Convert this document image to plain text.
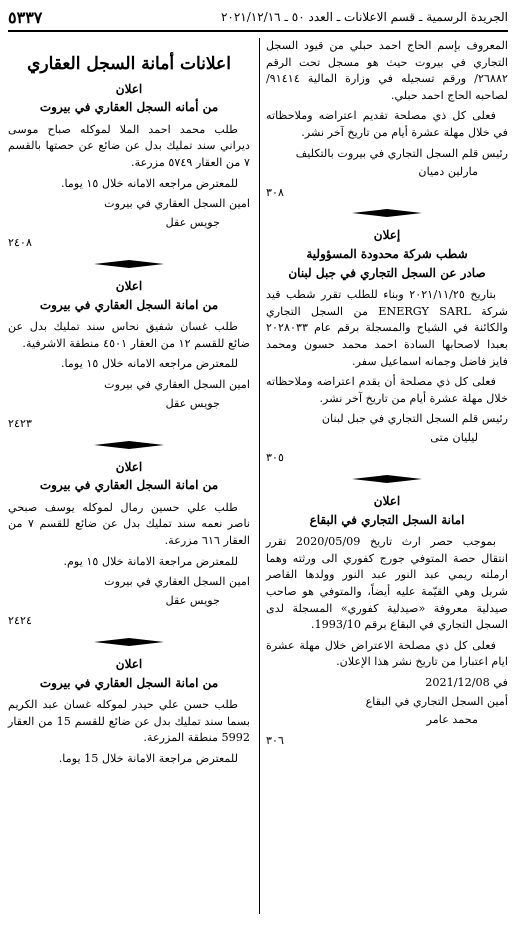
الجريدة الرسمية ـ قسم الاعلانات ـ العدد ٥٠ ـ ٢٠٢١/١٢/١٦
٥٣٣٧

المعروف بإسم الحاج احمد حبلي من قيود السجل التجاري في بيروت حيث هو مسجل تحت الرقم ٢٦٨٨٢/ ورقم تسجيله في وزارة المالية ٩١٤١٤/ لصاحبه الحاج احمد حبلي.

فعلى كل ذي مصلحة تقديم اعتراضه وملاحظاته في خلال مهلة عشرة أيام من تاريخ آخر نشر.

رئيس قلم السجل التجاري في بيروت بالتكليف

مارلين دميان

٣٠٨

إعلان

شطب شركة محدودة المسؤولية

صادر عن السجل التجاري في جبل لبنان

بتاريخ ٢٠٢١/١١/٢٥ وبناء للطلب تقرر شطب قيد شركة ENERGY SARL من السجل التجاري والكائنة في الشياح والمسجلة برقم عام ٢٠٢٨٠٣٣ بعبدا لاصحابها السادة احمد محمد حسون ومحمد فايز فاضل وجمانه اسماعيل سفر.

فعلى كل ذي مصلحة أن يقدم اعتراضه وملاحظاته خلال مهلة عشرة أيام من تاريخ آخر نشر.

رئيس قلم السجل التجاري في جبل لبنان

ليليان متى

٣٠٥

اعلان

امانة السجل التجاري في البقاع

بموجب حصر ارث تاريخ 2020/05/09 تقرر انتقال حصة المتوفي جورج كفوري الى ورثته وهما ارملته ريمي عبد النور عبد النور وولدها القاصر شربل وهي القيّمة عليه أيضاً، والمتوفي هو صاحب صيدلية معروفة «صيدلية كفوري» المسجلة لدى السجل التجاري في البقاع برقم 1993/10.

فعلى كل ذي مصلحة الاعتراض خلال مهلة عشرة ايام اعتبارا من تاريخ نشر هذا الإعلان.

في 2021/12/08

أمين السجل التجاري في البقاع

محمد عامر

٣٠٦

اعلانات أمانة السجل العقاري

اعلان

من أمانه السجل العقاري في بيروت

طلب محمد احمد الملا لموكله صباح موسى ديراني سند تمليك بدل عن ضائع عن حصتها بالقسم ٧ من العقار ٥٧٤٩ مزرعة.

للمعترض مراجعه الامانه خلال ١٥ يوما.

امين السجل العقاري في بيروت

جويس عقل

٢٤٠٨

اعلان

من امانة السجل العقاري في بيروت

طلب غسان شفيق نحاس سند تمليك بدل عن ضائع للقسم ١٢ من العقار ٤٥٠١ منطقة الاشرفية.

للمعترض مراجعه الامانه خلال ١٥ يوما.

امين السجل العقاري في بيروت

جويس عقل

٢٤٢٣

اعلان

من امانة السجل العقاري في بيروت

طلب علي حسين رمال لموكله يوسف صبحي ناصر نعمه سند تمليك بدل عن ضائع للقسم ٧ من العقار ٦١٦ مزرعة.

للمعترض مراجعة الامانة خلال ١٥ يوم.

امين السجل العقاري في بيروت

جويس عقل

٢٤٢٤

اعلان

من امانة السجل العقاري في بيروت

طلب حسن علي حيدر لموكله غسان عبد الكريم بسما سند تمليك بدل عن ضائع للقسم 15 من العقار 5992 منطقة المزرعة.

للمعترض مراجعة الامانة خلال 15 يوما.
